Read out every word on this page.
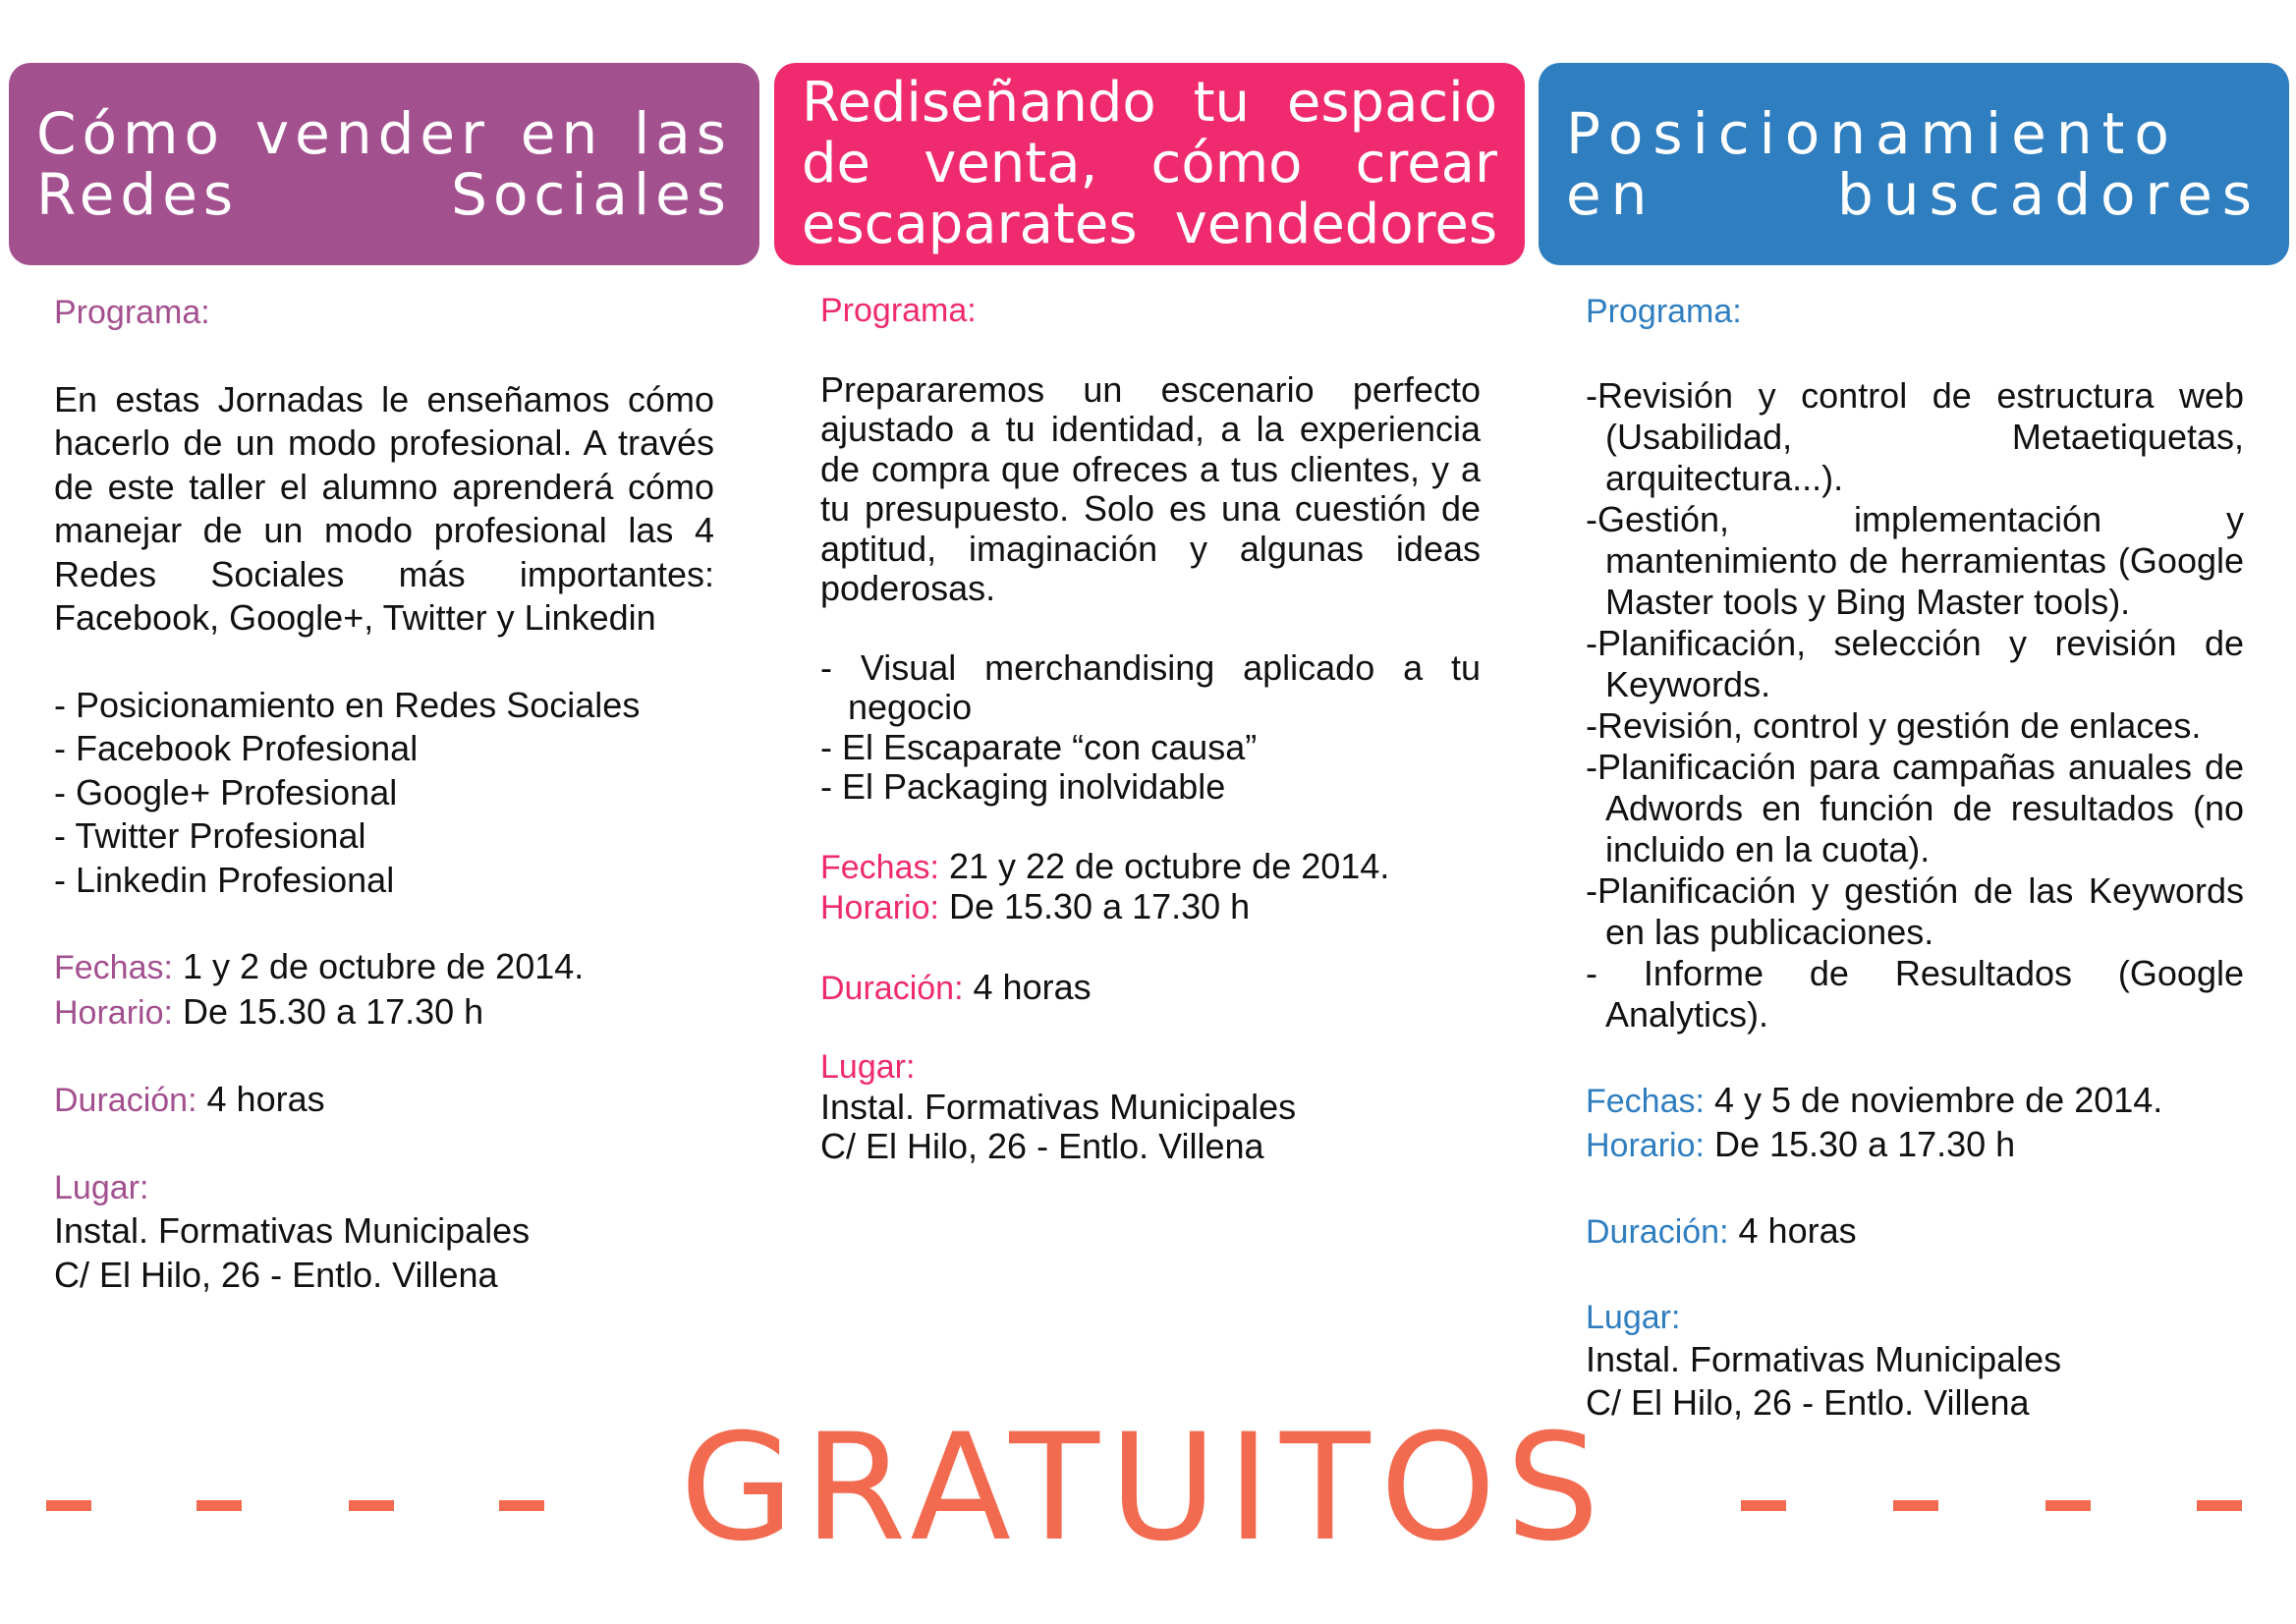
Cómo vender en las
Redes Sociales
Rediseñando tu espacio
de venta, cómo crear
escaparates vendedores
Posicionamiento
en buscadores
Programa:

En estas Jornadas le enseñamos cómo hacerlo de un modo profesional. A través de este taller el alumno aprenderá cómo manejar de un modo profesional las 4 Redes Sociales más importantes: Facebook, Google+, Twitter y Linkedin

- Posicionamiento en Redes Sociales

- Facebook Profesional

- Google+ Profesional

- Twitter Profesional

- Linkedin Profesional

Fechas: 1 y 2 de octubre de 2014.

Horario: De 15.30 a 17.30 h

Duración: 4 horas

Lugar:

Instal. Formativas Municipales

C/ El Hilo, 26 - Entlo. Villena

Programa:

Prepararemos un escenario perfecto ajustado a tu identidad, a la experiencia de compra que ofreces a tus clientes, y a tu presupuesto. Solo es una cuestión de aptitud, imaginación y algunas ideas poderosas.

- Visual merchandising aplicado a tu negocio

- El Escaparate “con causa”

- El Packaging inolvidable

Fechas: 21 y 22 de octubre de 2014.

Horario: De 15.30 a 17.30 h

Duración: 4 horas

Lugar:

Instal. Formativas Municipales

C/ El Hilo, 26 - Entlo. Villena

Programa:

-Revisión y control de estructura web (Usabilidad, Metaetiquetas, arquitectura...).

-Gestión, implementación y mantenimiento de herramientas (Google Master tools y Bing Master tools).

-Planificación, selección y revisión de Keywords.

-Revisión, control y gestión de enlaces.

-Planificación para campañas anuales de Adwords en función de resultados (no incluido en la cuota).

-Planificación y gestión de las Keywords en las publicaciones.

- Informe de Resultados (Google Analytics).

Fechas: 4 y 5 de noviembre de 2014.

Horario: De 15.30 a 17.30 h

Duración: 4 horas

Lugar:

Instal. Formativas Municipales

C/ El Hilo, 26 - Entlo. Villena

GRATUITOS
